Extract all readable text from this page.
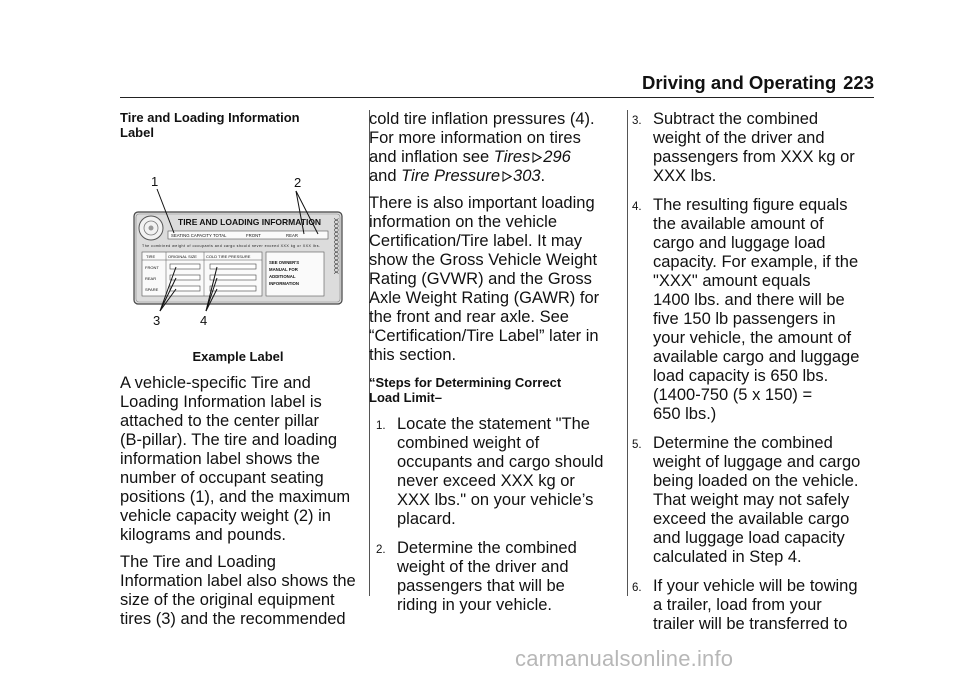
Driving and Operating 223
Tire and Loading Information Label
TIRE AND LOADING INFORMATION
SEATING CAPACITY TOTAL	FRONT	REAR
The combined weight of occupants and cargo should never exceed XXX kg or XXX lbs.
TIRE	ORIGINAL SIZE COLD TIRE PRESSURE
FRONT
REAR
SPARE
SEE OWNER'S
MANUAL FOR
ADDITIONAL
INFORMATION
XXXXXXXXXXXXXX
1	2
3	4
Example Label

A vehicle-specific Tire and
Loading Information label is
attached to the center pillar
(B-pillar). The tire and loading
information label shows the
number of occupant seating
positions (1), and the maximum
vehicle capacity weight (2) in
kilograms and pounds.

The Tire and Loading
Information label also shows the
size of the original equipment
tires (3) and the recommended

cold tire inflation pressures (4).
For more information on tires
and inflation see Tires 296
and Tire Pressure 303.

There is also important loading
information on the vehicle
Certification/Tire label. It may
show the Gross Vehicle Weight
Rating (GVWR) and the Gross
Axle Weight Rating (GAWR) for
the front and rear axle. See
“Certification/Tire Label” later in
this section.

“Steps for Determining Correct
Load Limit–
1. Locate the statement "The
combined weight of
occupants and cargo should
never exceed XXX kg or
XXX lbs." on your vehicle’s
placard.
2. Determine the combined
weight of the driver and
passengers that will be
riding in your vehicle.
3. Subtract the combined
weight of the driver and
passengers from XXX kg or
XXX lbs.
4. The resulting figure equals
the available amount of
cargo and luggage load
capacity. For example, if the
"XXX" amount equals
1400 lbs. and there will be
five 150 lb passengers in
your vehicle, the amount of
available cargo and luggage
load capacity is 650 lbs.
(1400-750 (5 x 150) =
650 lbs.)
5. Determine the combined
weight of luggage and cargo
being loaded on the vehicle.
That weight may not safely
exceed the available cargo
and luggage load capacity
calculated in Step 4.
6. If your vehicle will be towing
a trailer, load from your
trailer will be transferred to
carmanualsonline.info
